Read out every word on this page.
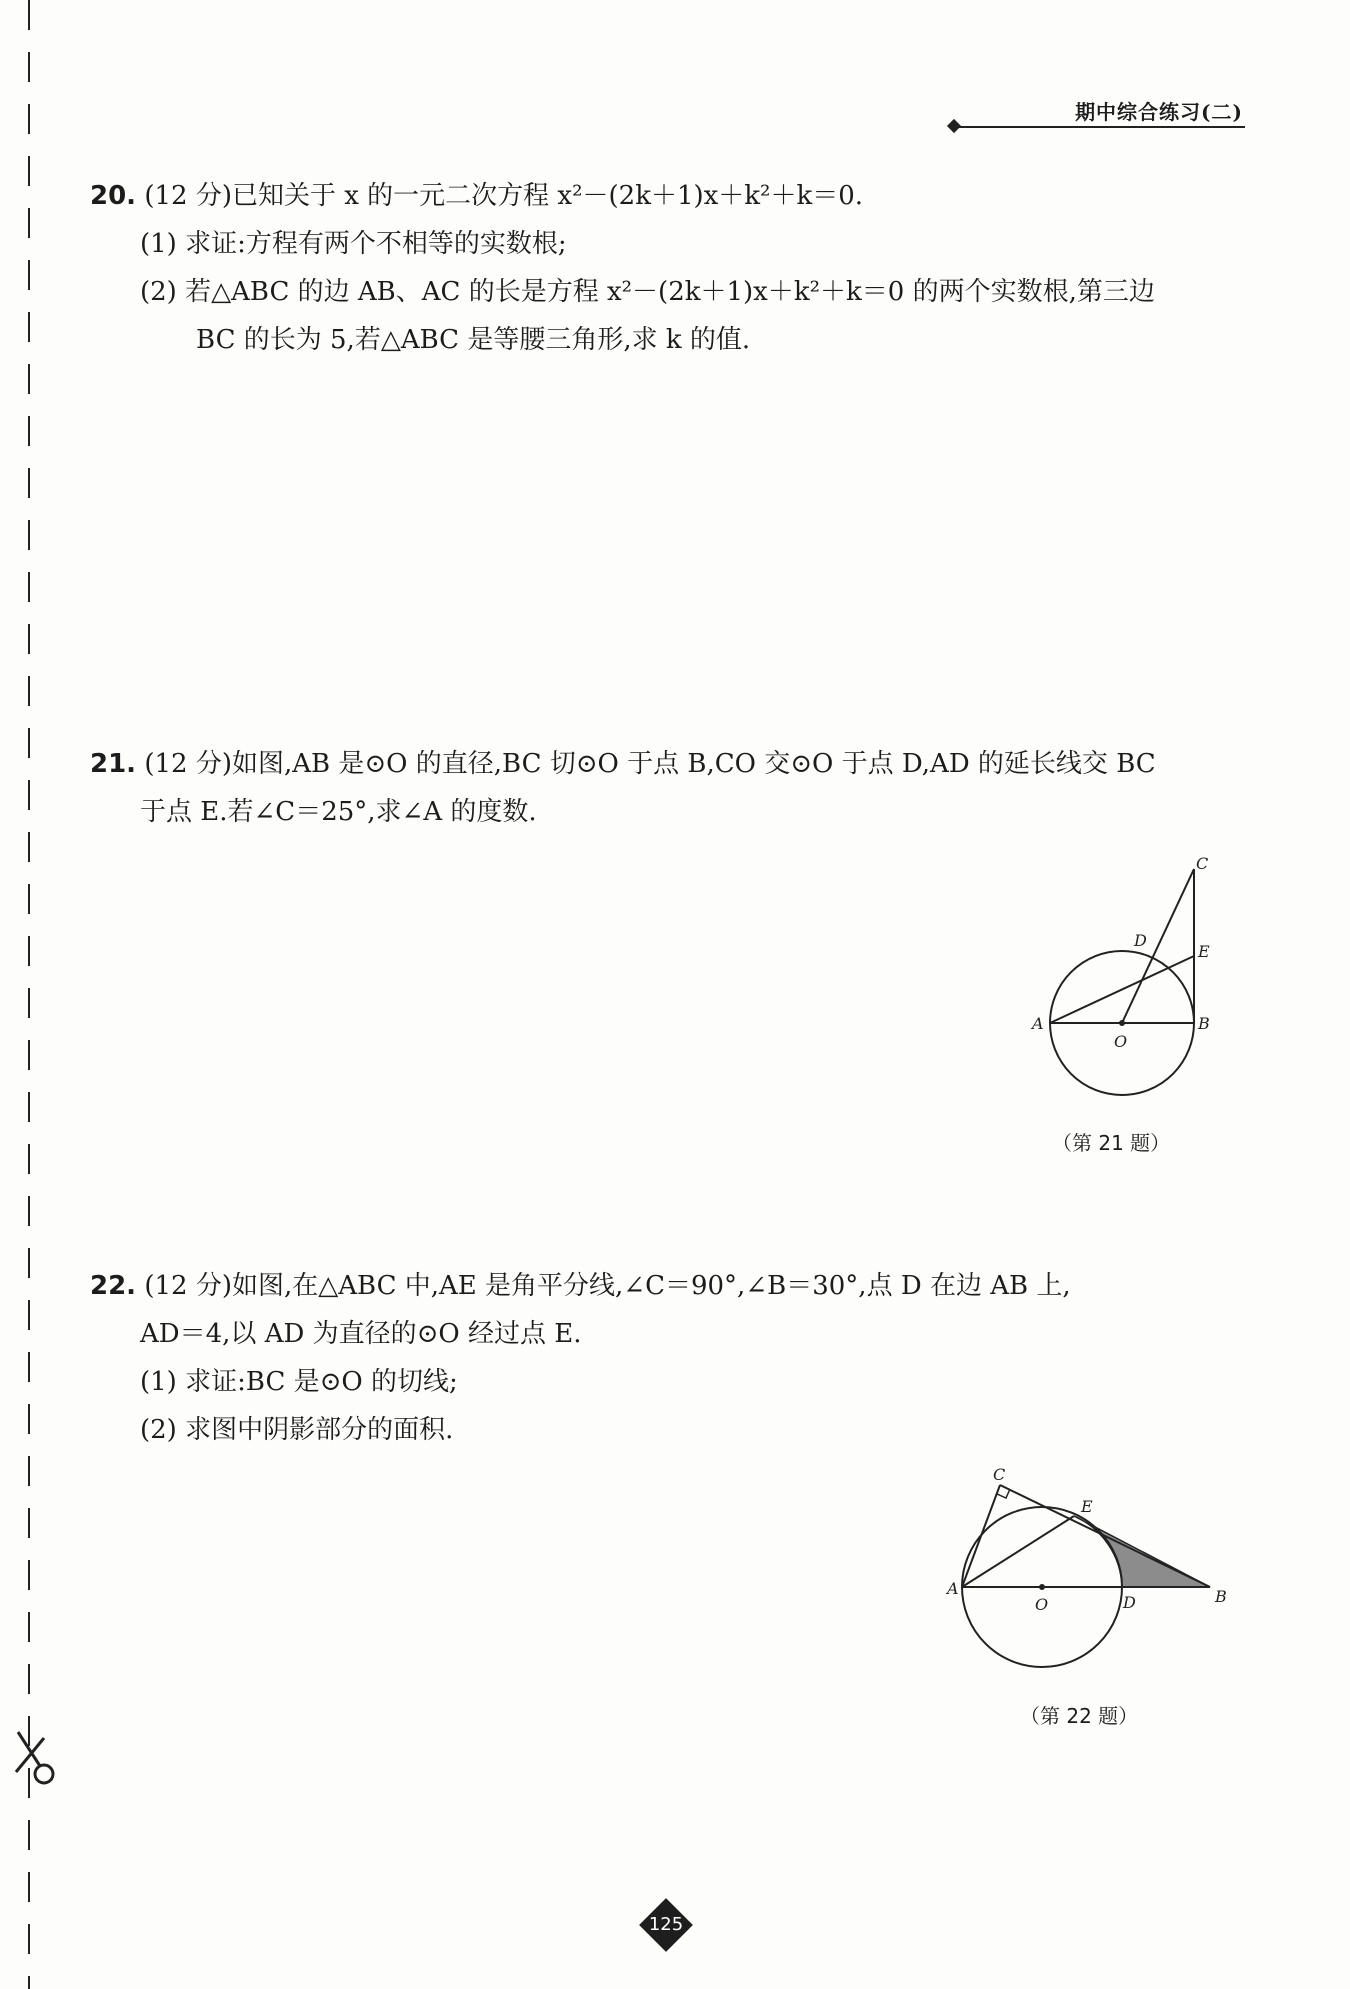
期中综合练习(二)
20. (12 分)已知关于 x 的一元二次方程 x²－(2k＋1)x＋k²＋k＝0.
(1) 求证:方程有两个不相等的实数根;
(2) 若△ABC 的边 AB、AC 的长是方程 x²－(2k＋1)x＋k²＋k＝0 的两个实数根,第三边
BC 的长为 5,若△ABC 是等腰三角形,求 k 的值.
21. (12 分)如图,AB 是⊙O 的直径,BC 切⊙O 于点 B,CO 交⊙O 于点 D,AD 的延长线交 BC
于点 E.若∠C＝25°,求∠A 的度数.
A	B
C
D
E
O
（第 21 题）
22. (12 分)如图,在△ABC 中,AE 是角平分线,∠C＝90°,∠B＝30°,点 D 在边 AB 上,
AD＝4,以 AD 为直径的⊙O 经过点 E.
(1) 求证:BC 是⊙O 的切线;
(2) 求图中阴影部分的面积.
A	B
C
D
E
O
（第 22 题）
125
